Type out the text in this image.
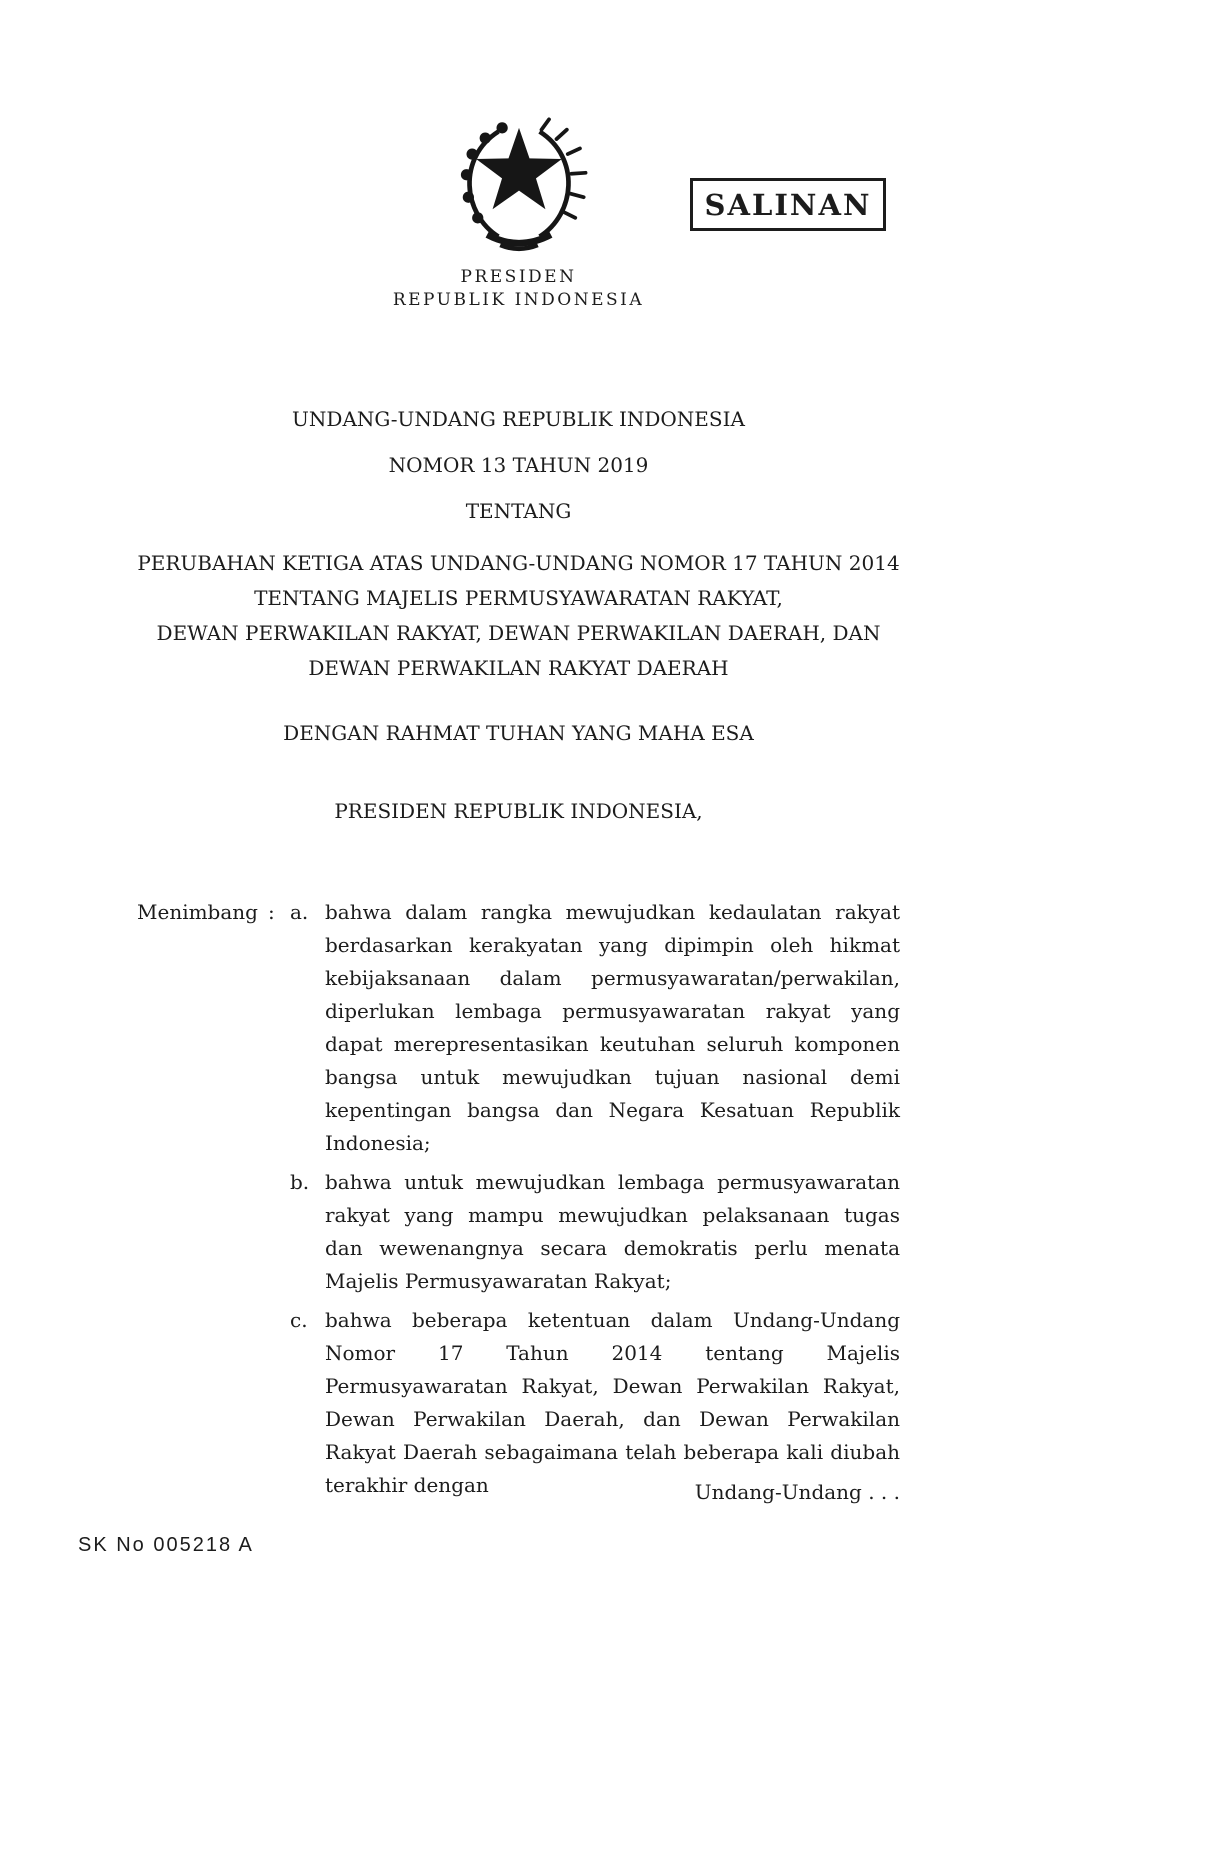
SALINAN

PRESIDEN

REPUBLIK INDONESIA

UNDANG-UNDANG REPUBLIK INDONESIA

NOMOR 13 TAHUN 2019

TENTANG

PERUBAHAN KETIGA ATAS UNDANG-UNDANG NOMOR 17 TAHUN 2014

TENTANG MAJELIS PERMUSYAWARATAN RAKYAT,

DEWAN PERWAKILAN RAKYAT, DEWAN PERWAKILAN DAERAH, DAN

DEWAN PERWAKILAN RAKYAT DAERAH

DENGAN RAHMAT TUHAN YANG MAHA ESA

PRESIDEN REPUBLIK INDONESIA,

Menimbang : a. bahwa dalam rangka mewujudkan kedaulatan rakyat berdasarkan kerakyatan yang dipimpin oleh hikmat kebijaksanaan dalam permusyawaratan/perwakilan, diperlukan lembaga permusyawaratan rakyat yang dapat merepresentasikan keutuhan seluruh komponen bangsa untuk mewujudkan tujuan nasional demi kepentingan bangsa dan Negara Kesatuan Republik Indonesia;
b. bahwa untuk mewujudkan lembaga permusyawaratan rakyat yang mampu mewujudkan pelaksanaan tugas dan wewenangnya secara demokratis perlu menata Majelis Permusyawaratan Rakyat;
c. bahwa beberapa ketentuan dalam Undang-Undang Nomor 17 Tahun 2014 tentang Majelis Permusyawaratan Rakyat, Dewan Perwakilan Rakyat, Dewan Perwakilan Daerah, dan Dewan Perwakilan Rakyat Daerah sebagaimana telah beberapa kali diubah terakhir dengan	Undang-Undang . . .
SK No 005218 A
